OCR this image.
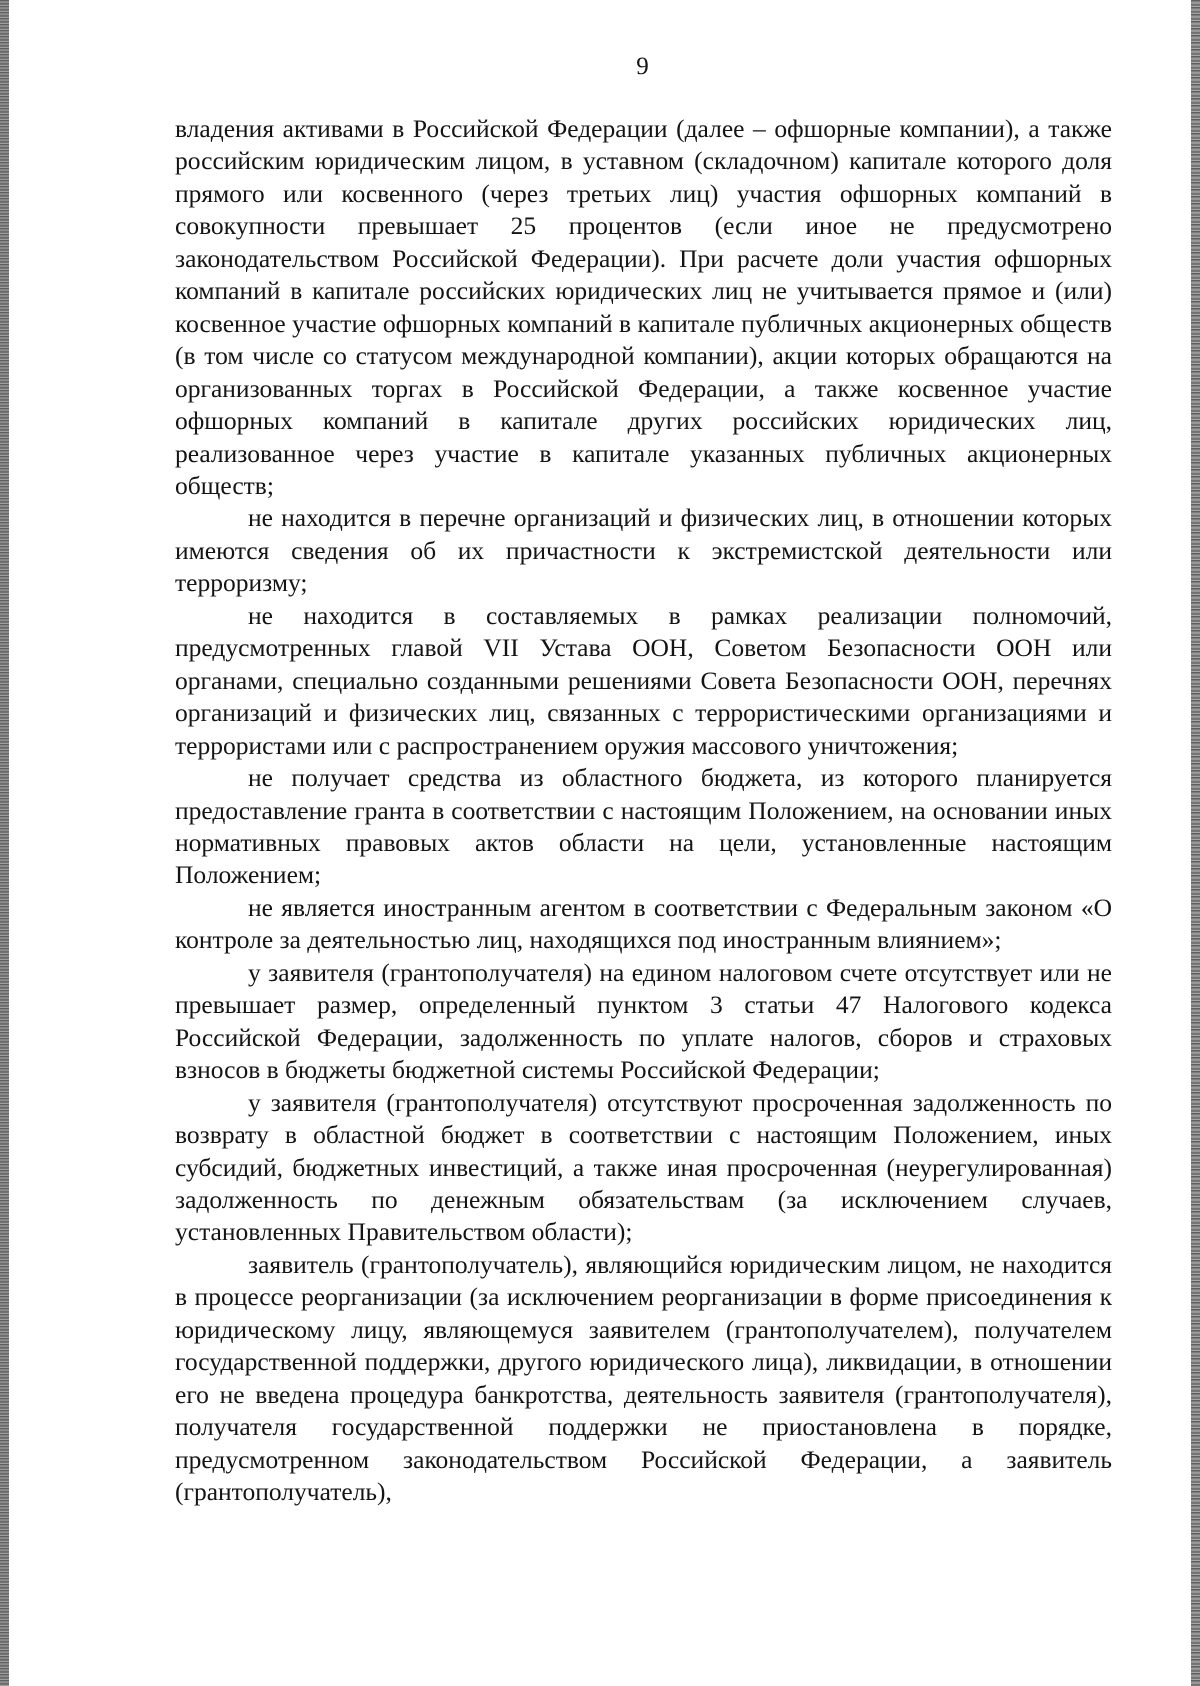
9

владения активами в Российской Федерации (далее – офшорные компании), а также российским юридическим лицом, в уставном (складочном) капитале которого доля прямого или косвенного (через третьих лиц) участия офшорных компаний в совокупности превышает 25 процентов (если иное не предусмотрено законодательством Российской Федерации). При расчете доли участия офшорных компаний в капитале российских юридических лиц не учитывается прямое и (или) косвенное участие офшорных компаний в капитале публичных акционерных обществ (в том числе со статусом международной компании), акции которых обращаются на организованных торгах в Российской Федерации, а также косвенное участие офшорных компаний в капитале других российских юридических лиц, реализованное через участие в капитале указанных публичных акционерных обществ;

не находится в перечне организаций и физических лиц, в отношении которых имеются сведения об их причастности к экстремистской деятельности или терроризму;

не находится в составляемых в рамках реализации полномочий, предусмотренных главой VII Устава ООН, Советом Безопасности ООН или органами, специально созданными решениями Совета Безопасности ООН, перечнях организаций и физических лиц, связанных с террористическими организациями и террористами или с распространением оружия массового уничтожения;

не получает средства из областного бюджета, из которого планируется предоставление гранта в соответствии с настоящим Положением, на основании иных нормативных правовых актов области на цели, установленные настоящим Положением;

не является иностранным агентом в соответствии с Федеральным законом «О контроле за деятельностью лиц, находящихся под иностранным влиянием»;

у заявителя (грантополучателя) на едином налоговом счете отсутствует или не превышает размер, определенный пунктом 3 статьи 47 Налогового кодекса Российской Федерации, задолженность по уплате налогов, сборов и страховых взносов в бюджеты бюджетной системы Российской Федерации;

у заявителя (грантополучателя) отсутствуют просроченная задолженность по возврату в областной бюджет в соответствии с настоящим Положением, иных субсидий, бюджетных инвестиций, а также иная просроченная (неурегулированная) задолженность по денежным обязательствам (за исключением случаев, установленных Правительством области);

заявитель (грантополучатель), являющийся юридическим лицом, не находится в процессе реорганизации (за исключением реорганизации в форме присоединения к юридическому лицу, являющемуся заявителем (грантополучателем), получателем государственной поддержки, другого юридического лица), ликвидации, в отношении его не введена процедура банкротства, деятельность заявителя (грантополучателя), получателя государственной поддержки не приостановлена в порядке, предусмотренном законодательством Российской Федерации, а заявитель (грантополучатель),
